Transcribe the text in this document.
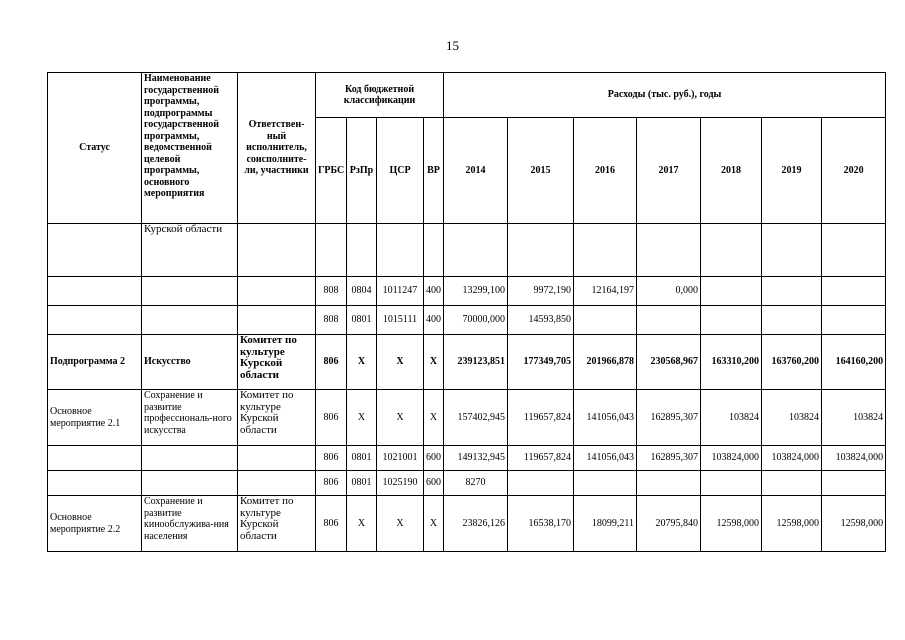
15
Статус	Наименование государственной программы, подпрограммы государственной программы, ведомственной целевой программы, основного мероприятия	Ответствен-ный исполнитель, соисполните-ли, участники	Код бюджетной классификации				Расходы (тыс. руб.), годы						
			ГРБС	РзПр	ЦСР	ВР	2014	2015	2016	2017	2018	2019	2020
	Курской области												
			808	0804	1011247	400	13299,100	9972,190	12164,197	0,000			
			808	0801	1015111	400	70000,000	14593,850					
Подпрограмма 2	Искусство	Комитет по культуре Курской области	806	X	X	X	239123,851	177349,705	201966,878	230568,967	163310,200	163760,200	164160,200
Основное мероприятие 2.1	Сохранение и развитие профессиональ-ного искусства	Комитет по культуре Курской области	806	X	X	X	157402,945	119657,824	141056,043	162895,307	103824	103824	103824
			806	0801	1021001	600	149132,945	119657,824	141056,043	162895,307	103824,000	103824,000	103824,000
			806	0801	1025190	600	8270						
Основное мероприятие 2.2	Сохранение и развитие кинообслужива-ния населения	Комитет по культуре Курской области	806	X	X	X	23826,126	16538,170	18099,211	20795,840	12598,000	12598,000	12598,000
